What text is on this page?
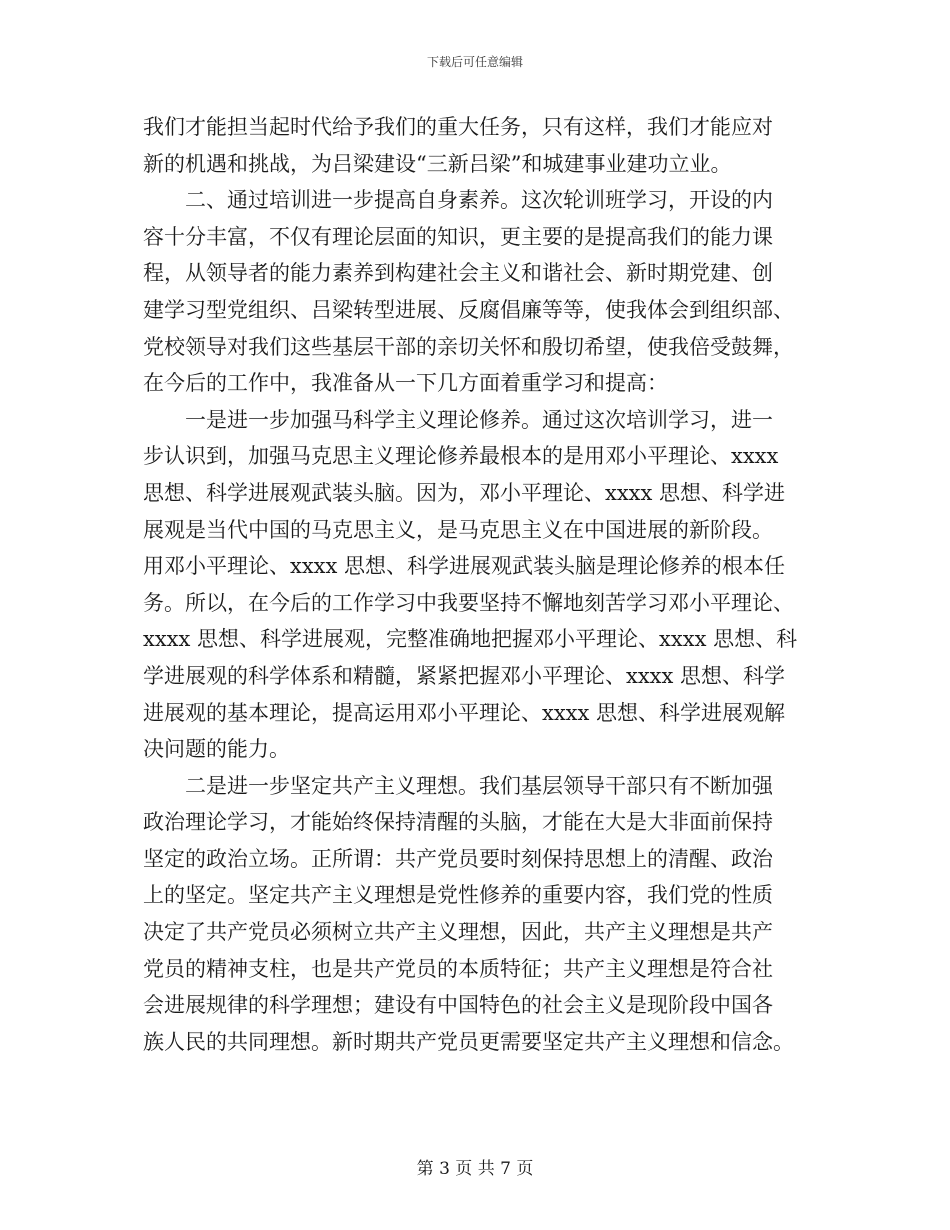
下载后可任意编辑
我们才能担当起时代给予我们的重大任务，只有这样，我们才能应对
新的机遇和挑战，为吕梁建设“三新吕梁”和城建事业建功立业。
二、通过培训进一步提高自身素养。这次轮训班学习，开设的内
容十分丰富，不仅有理论层面的知识，更主要的是提高我们的能力课
程，从领导者的能力素养到构建社会主义和谐社会、新时期党建、创
建学习型党组织、吕梁转型进展、反腐倡廉等等，使我体会到组织部、
党校领导对我们这些基层干部的亲切关怀和殷切希望，使我倍受鼓舞，
在今后的工作中，我准备从一下几方面着重学习和提高：
一是进一步加强马科学主义理论修养。通过这次培训学习，进一
步认识到，加强马克思主义理论修养最根本的是用邓小平理论、xxxx
思想、科学进展观武装头脑。因为，邓小平理论、xxxx 思想、科学进
展观是当代中国的马克思主义，是马克思主义在中国进展的新阶段。
用邓小平理论、xxxx 思想、科学进展观武装头脑是理论修养的根本任
务。所以，在今后的工作学习中我要坚持不懈地刻苦学习邓小平理论、
xxxx 思想、科学进展观，完整准确地把握邓小平理论、xxxx 思想、科
学进展观的科学体系和精髓，紧紧把握邓小平理论、xxxx 思想、科学
进展观的基本理论，提高运用邓小平理论、xxxx 思想、科学进展观解
决问题的能力。
二是进一步坚定共产主义理想。我们基层领导干部只有不断加强
政治理论学习，才能始终保持清醒的头脑，才能在大是大非面前保持
坚定的政治立场。正所谓：共产党员要时刻保持思想上的清醒、政治
上的坚定。坚定共产主义理想是党性修养的重要内容，我们党的性质
决定了共产党员必须树立共产主义理想，因此，共产主义理想是共产
党员的精神支柱，也是共产党员的本质特征；共产主义理想是符合社
会进展规律的科学理想；建设有中国特色的社会主义是现阶段中国各
族人民的共同理想。新时期共产党员更需要坚定共产主义理想和信念。
第 3 页 共 7 页
